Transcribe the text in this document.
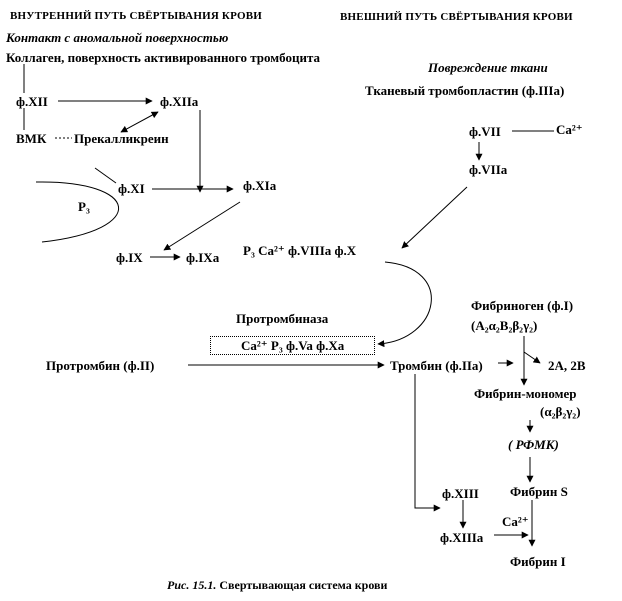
ВНУТРЕННИЙ ПУТЬ СВЁРТЫВАНИЯ КРОВИ	ВНЕШНИЙ ПУТЬ СВЁРТЫВАНИЯ КРОВИ
Контакт с аномальной поверхностью
Коллаген, поверхность активированного тромбоцита
ф.XII	ф.XIIa
ВМК Прекалликреин
ф.XI	ф.XIa
P₃
ф.IX	ф.IXa P₃ Ca²⁺ ф.VIIIa ф.X
Повреждение ткани
Тканевый тромбопластин (ф.IIIa)
ф.VII	Ca²⁺
ф.VIIa
Протромбиназа
Ca²⁺ P₃ ф.Va ф.Xa
Протромбин (ф.II)	Тромбин (ф.IIa)
Фибриноген (ф.I)
(A₂α₂B₂β₂γ₂)
2A, 2B
Фибрин-мономер
(α₂β₂γ₂)
( РФМК)
Фибрин S
ф.XIII
ф.XIIIa
Ca²⁺
Фибрин I
Рис. 15.1. Свертывающая система крови
